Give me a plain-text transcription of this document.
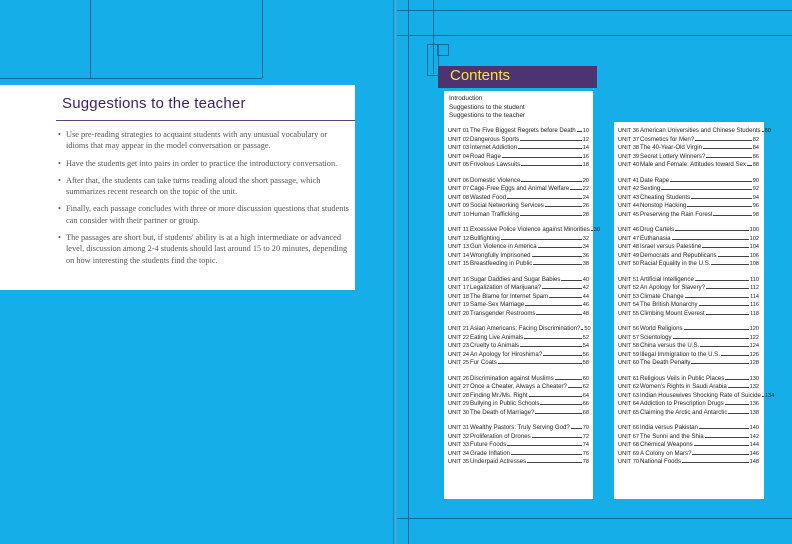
Suggestions to the teacher
• Use pre-reading strategies to acquaint students with any unusual vocabulary or idioms that may appear in the model conversation or passage.
• Have the students get into pairs in order to practice the introductory conversation.
• After that, the students can take turns reading aloud the short passage, which summarizes recent research on the topic of the unit.
• Finally, each passage concludes with three or more discussion questions that students can consider with their partner or group.
• The passages are short but, if students' ability is at a high intermediate or advanced level, discussion among 2-4 students should last around 15 to 20 minutes, depending on how interesting the students find the topic.
Contents
Introduction
Suggestions to the student
Suggestions to the teacher
UNIT 01 The Five Biggest Regrets before Death 10
UNIT 02 Dangerous Sports	12
UNIT 03 Internet Addiction	14
UNIT 04 Road Rage	16
UNIT 05 Frivolous Lawsuits	18
UNIT 06 Domestic Violence	20
UNIT 07 Cage-Free Eggs and Animal Welfare 22
UNIT 08 Wasted Food	24
UNIT 09 Social Networking Services	26
UNIT 10 Human Trafficking	28
UNIT 11 Excessive Police Violence against Minorities 30
UNIT 12 Bullfighting	32
UNIT 13 Gun Violence in America	34
UNIT 14 Wrongfully Imprisoned	36
UNIT 15 Breastfeeding in Public	38
UNIT 16 Sugar Daddies and Sugar Babies	40
UNIT 17 Legalization of Marijuana?	42
UNIT 18 The Blame for Internet Spam	44
UNIT 19 Same-Sex Marriage	46
UNIT 20 Transgender Restrooms	48
UNIT 21 Asian Americans: Facing Discrimination? 50
UNIT 22 Eating Live Animals	52
UNIT 23 Cruelty to Animals	54
UNIT 24 An Apology for Hiroshima?	56
UNIT 25 Fur Coats	58
UNIT 26 Discrimination against Muslims	60
UNIT 27 Once a Cheater, Always a Cheater?	62
UNIT 28 Finding Mr./Ms. Right	64
UNIT 29 Bullying in Public Schools	66
UNIT 30 The Death of Marriage?	68
UNIT 31 Wealthy Pastors: Truly Serving God? 70
UNIT 32 Proliferation of Drones	72
UNIT 33 Future Foods	74
UNIT 34 Grade Inflation	76
UNIT 35 Underpaid Actresses	78
UNIT 36 American Universities and Chinese Students 80
UNIT 37 Cosmetics for Men?	82
UNIT 38 The 40-Year-Old Virgin	84
UNIT 39 Secret Lottery Winners?	86
UNIT 40 Male and Female: Attitudes toward Sex 88
UNIT 41 Date Rape	90
UNIT 42 Sexting	92
UNIT 43 Cheating Students	94
UNIT 44 Nonstop Hacking	96
UNIT 45 Preserving the Rain Forest	98
UNIT 46 Drug Cartels	100
UNIT 47 Euthanasia	102
UNIT 48 Israel versus Palestine	104
UNIT 49 Democrats and Republicans	106
UNIT 50 Racial Equality in the U.S.	108
UNIT 51 Artificial Intelligence	110
UNIT 52 An Apology for Slavery?	112
UNIT 53 Climate Change	114
UNIT 54 The British Monarchy	116
UNIT 55 Climbing Mount Everest	118
UNIT 56 World Religions	120
UNIT 57 Scientology	122
UNIT 58 China versus the U.S.	124
UNIT 59 Illegal Immigration to the U.S.	126
UNIT 60 The Death Penalty	128
UNIT 61 Religious Veils in Public Places	130
UNIT 62 Women's Rights in Saudi Arabia	132
UNIT 63 Indian Housewives Shocking Rate of Suicide 134
UNIT 64 Addiction to Prescription Drugs	136
UNIT 65 Claiming the Arctic and Antarctic	138
UNIT 66 India versus Pakistan	140
UNIT 67 The Sunni and the Shia	142
UNIT 68 Chemical Weapons	144
UNIT 69 A Colony on Mars?	146
UNIT 70 National Foods	148
